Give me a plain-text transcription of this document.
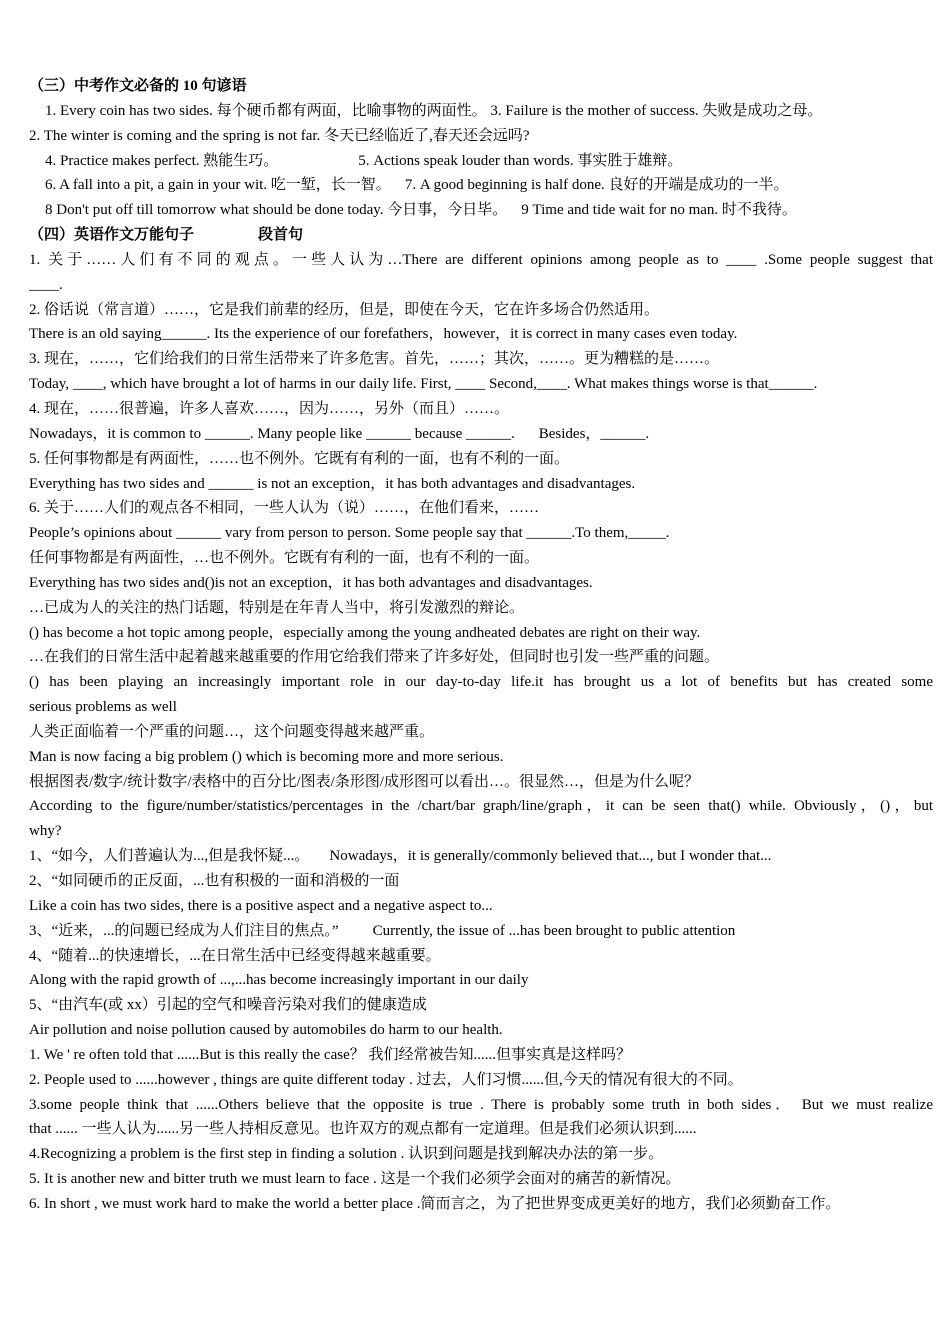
（三）中考作文必备的 10 句谚语
1. Every coin has two sides. 每个硬币都有两面，比喻事物的两面性。 3. Failure is the mother of success. 失败是成功之母。
2. The winter is coming and the spring is not far. 冬天已经临近了,春天还会远吗?
4. Practice makes perfect. 熟能生巧。	5. Actions speak louder than words. 事实胜于雄辩。
6. A fall into a pit, a gain in your wit. 吃一堑，长一智。 7. A good beginning is half done. 良好的开端是成功的一半。
8 Don't put off till tomorrow what should be done today. 今日事，今日毕。 9 Time and tide wait for no man. 时不我待。
（四）英语作文万能句子	段首句
1. 关于……人们有不同的观点。一些人认为…There are different opinions among people as to ____ .Some people suggest that
____.
2. 俗话说（常言道）……，它是我们前辈的经历，但是，即使在今天，它在许多场合仍然适用。
There is an old saying______. Its the experience of our forefathers，however，it is correct in many cases even today.
3. 现在，……，它们给我们的日常生活带来了许多危害。首先，……；其次，……。更为糟糕的是……。
Today, ____, which have brought a lot of harms in our daily life. First, ____ Second,____. What makes things worse is that______.
4. 现在，……很普遍，许多人喜欢……，因为……，另外（而且）……。
Nowadays，it is common to ______. Many people like ______ because ______. Besides，______.
5. 任何事物都是有两面性，……也不例外。它既有有利的一面，也有不利的一面。
Everything has two sides and ______ is not an exception，it has both advantages and disadvantages.
6. 关于……人们的观点各不相同，一些人认为（说）……，在他们看来，……
People’s opinions about ______ vary from person to person. Some people say that ______.To them,_____.
任何事物都是有两面性，…也不例外。它既有有利的一面，也有不利的一面。
Everything has two sides and()is not an exception，it has both advantages and disadvantages.
…已成为人的关注的热门话题，特别是在年青人当中，将引发激烈的辩论。
() has become a hot topic among people，especially among the young andheated debates are right on their way.
…在我们的日常生活中起着越来越重要的作用它给我们带来了许多好处，但同时也引发一些严重的问题。
() has been playing an increasingly important role in our day-to-day life.it has brought us a lot of benefits but has created some
serious problems as well
人类正面临着一个严重的问题…，这个问题变得越来越严重。
Man is now facing a big problem () which is becoming more and more serious.
根据图表/数字/统计数字/表格中的百分比/图表/条形图/成形图可以看出…。很显然…，但是为什么呢？
According to the figure/number/statistics/percentages in the /chart/bar graph/line/graph，it can be seen that() while. Obviously，()，but
why?
1、“如今，人们普遍认为...,但是我怀疑...。 Nowadays，it is generally/commonly believed that..., but I wonder that...
2、“如同硬币的正反面，...也有积极的一面和消极的一面
Like a coin has two sides, there is a positive aspect and a negative aspect to...
3、“近来，...的问题已经成为人们注目的焦点。” Currently, the issue of ...has been brought to public attention
4、“随着...的快速增长，...在日常生活中已经变得越来越重要。
Along with the rapid growth of ...,...has become increasingly important in our daily
5、“由汽车(或 xx）引起的空气和噪音污染对我们的健康造成
Air pollution and noise pollution caused by automobiles do harm to our health.
1. We ' re often told that ......But is this really the case？ 我们经常被告知......但事实真是这样吗？
2. People used to ......however , things are quite different today . 过去，人们习惯......但,今天的情况有很大的不同。
3.some people think that ......Others believe that the opposite is true . There is probably some truth in both sides． But we must realize
that ...... 一些人认为......另一些人持相反意见。也许双方的观点都有一定道理。但是我们必须认识到......
4.Recognizing a problem is the first step in finding a solution . 认识到问题是找到解决办法的第一步。
5. It is another new and bitter truth we must learn to face . 这是一个我们必须学会面对的痛苦的新情况。
6. In short , we must work hard to make the world a better place .简而言之，为了把世界变成更美好的地方，我们必须勤奋工作。
